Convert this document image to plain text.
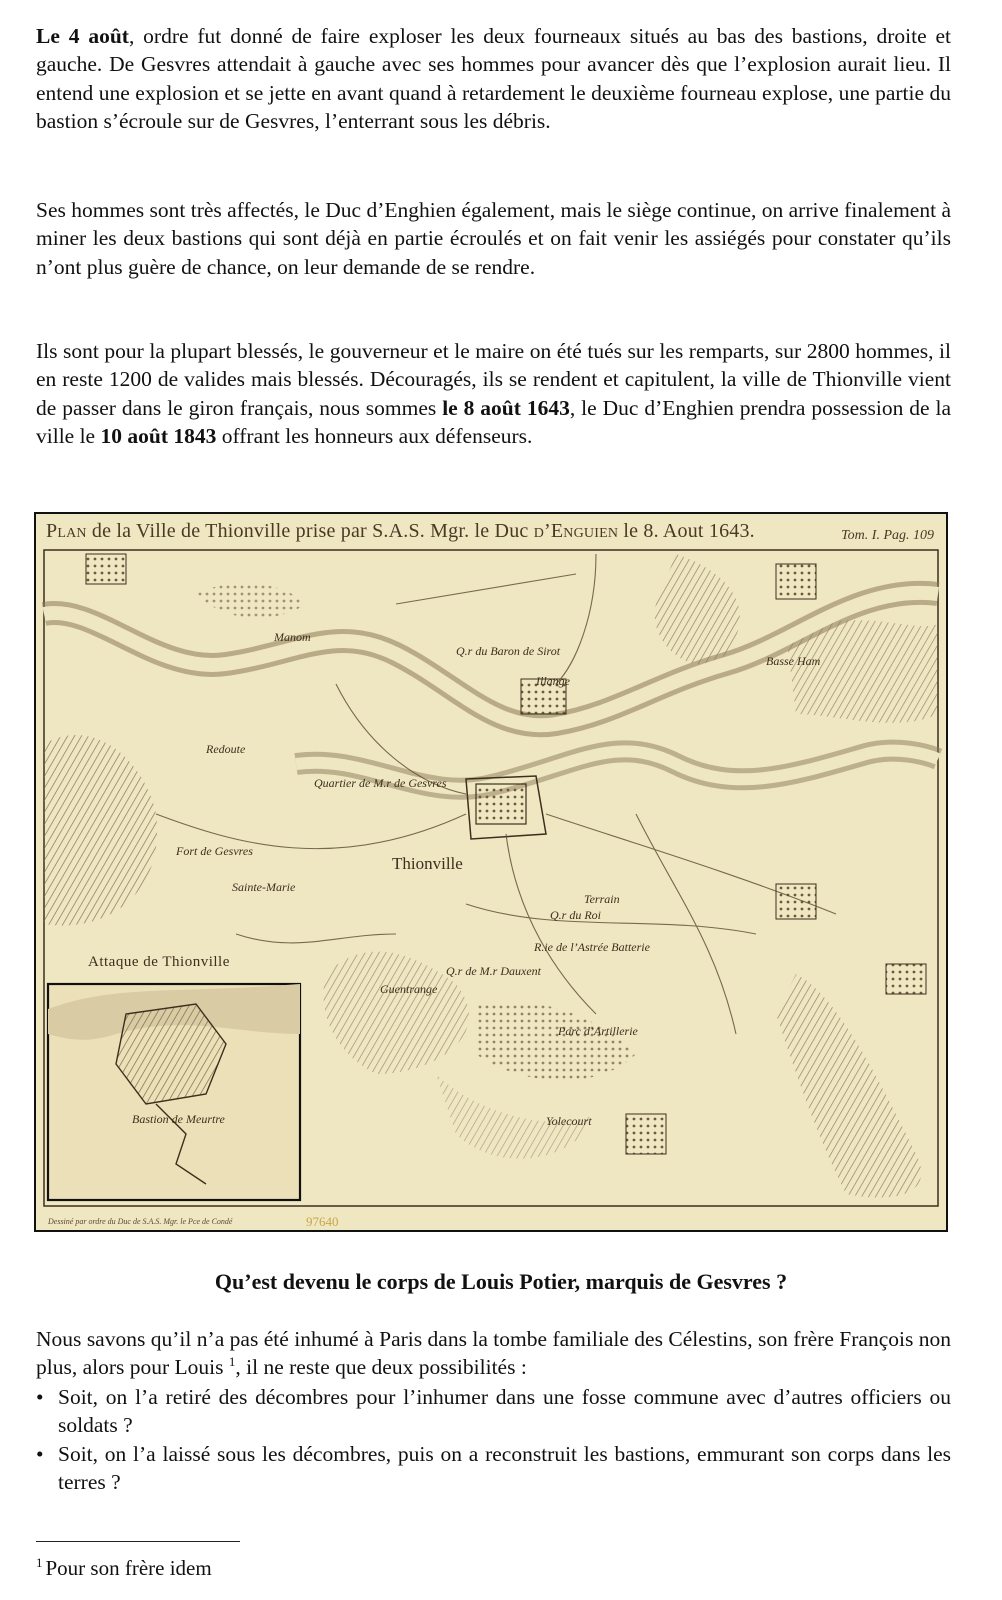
Le 4 août, ordre fut donné de faire exploser les deux fourneaux situés au bas des bastions, droite et gauche. De Gesvres attendait à gauche avec ses hommes pour avancer dès que l’explosion aurait lieu. Il entend une explosion et se jette en avant quand à retardement le deuxième fourneau explose, une partie du bastion s’écroule sur de Gesvres, l’enterrant sous les débris.

Ses hommes sont très affectés, le Duc d’Enghien également, mais le siège continue, on arrive finalement à miner les deux bastions qui sont déjà en partie écroulés et on fait venir les assiégés pour constater qu’ils n’ont plus guère de chance, on leur demande de se rendre.

Ils sont pour la plupart blessés, le gouverneur et le maire on été tués sur les remparts, sur 2800 hommes, il en reste 1200 de valides mais blessés. Découragés, ils se rendent et capitulent, la ville de Thionville vient de passer dans le giron français, nous sommes le 8 août 1643, le Duc d’Enghien prendra possession de la ville le 10 août 1843 offrant les honneurs aux défenseurs.

Plan de la Ville de Thionville prise par S.A.S. Mgr. le Duc d’Enguien le 8. Aout 1643.	Tom. I. Pag. 109
Thionville
Attaque de Thionville
Redoute
Quartier de M.r de Gesvres
Fort de Gesvres
Q.r du Baron de Sirot
Illange
Q.r du Roi
Q.r de M.r Dauxent
Parc d’Artillerie
Yolecourt
Guentrange
Manom
Basse Ham
Terrain
R.ie de l’Astrée Batterie
Bastion de Meurtre
Sainte-Marie
Dessiné par ordre du Duc de S.A.S. Mgr. le Pce de Condé	97640
Qu’est devenu le corps de Louis Potier, marquis de Gesvres ?

Nous savons qu’il n’a pas été inhumé à Paris dans la tombe familiale des Célestins, son frère François non plus, alors pour Louis $^1$, il ne reste que deux possibilités :

• Soit, on l’a retiré des décombres pour l’inhumer dans une fosse commune avec d’autres officiers ou soldats ?
• Soit, on l’a laissé sous les décombres, puis on a reconstruit les bastions, emmurant son corps dans les terres ?
$^1$ Pour son frère idem
